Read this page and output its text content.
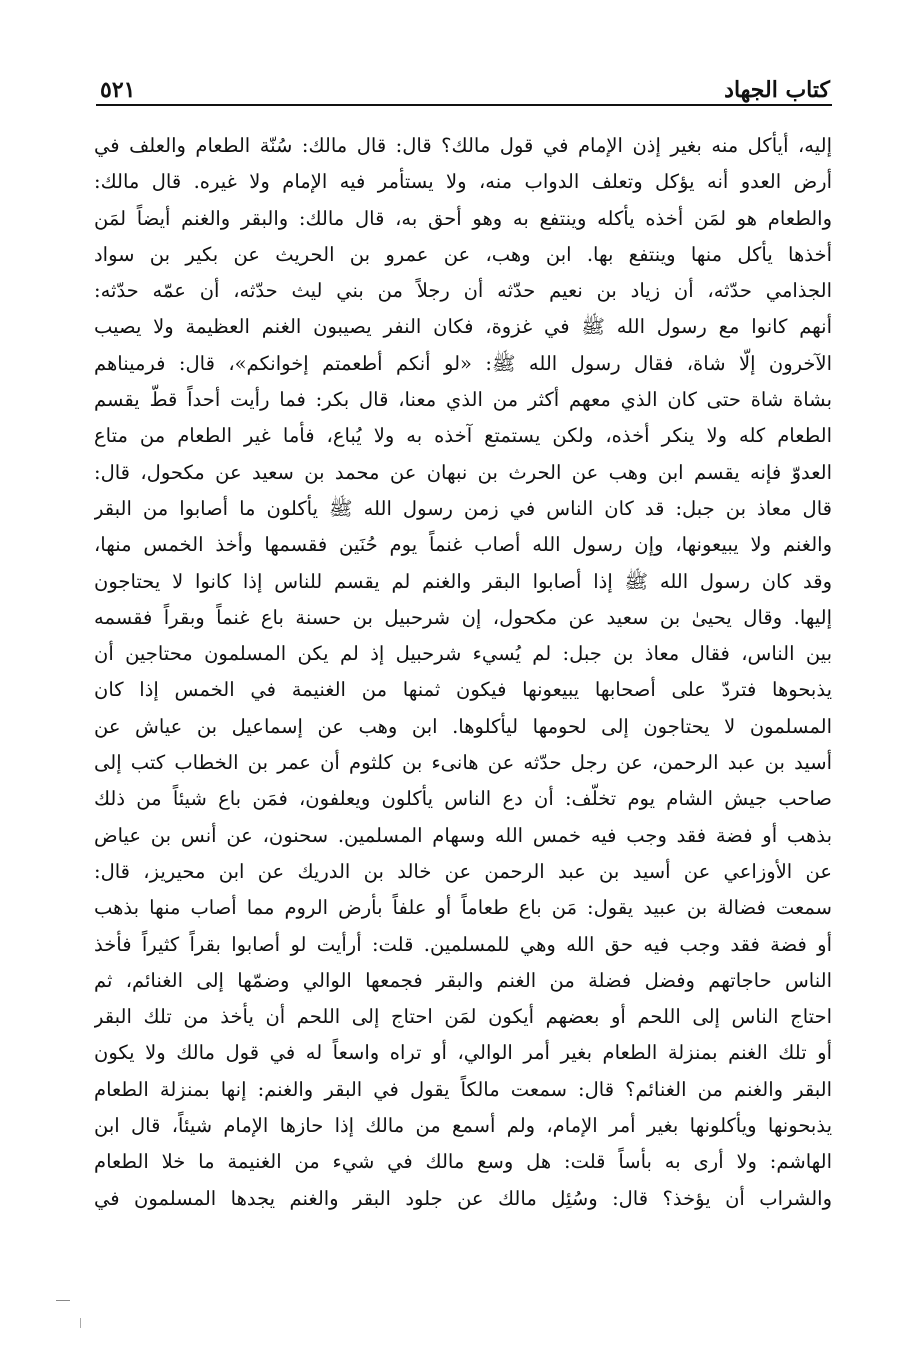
كتاب الجهاد
٥٢١
إليه، أيأكل منه بغير إذن الإمام في قول مالك؟ قال: قال مالك: سُنّة الطعام والعلف في
أرض العدو أنه يؤكل وتعلف الدواب منه، ولا يستأمر فيه الإمام ولا غيره. قال مالك:
والطعام هو لمَن أخذه يأكله وينتفع به وهو أحق به، قال مالك: والبقر والغنم أيضاً لمَن
أخذها يأكل منها وينتفع بها. ابن وهب، عن عمرو بن الحريث عن بكير بن سواد
الجذامي حدّثه، أن زياد بن نعيم حدّثه أن رجلاً من بني ليث حدّثه، أن عمّه حدّثه:
أنهم كانوا مع رسول الله ﷺ في غزوة، فكان النفر يصيبون الغنم العظيمة ولا يصيب
الآخرون إلّا شاة، فقال رسول الله ﷺ: «لو أنكم أطعمتم إخوانكم»، قال: فرميناهم
بشاة شاة حتى كان الذي معهم أكثر من الذي معنا، قال بكر: فما رأيت أحداً قطّ يقسم
الطعام كله ولا ينكر أخذه، ولكن يستمتع آخذه به ولا يُباع، فأما غير الطعام من متاع
العدوّ فإنه يقسم ابن وهب عن الحرث بن نبهان عن محمد بن سعيد عن مكحول، قال:
قال معاذ بن جبل: قد كان الناس في زمن رسول الله ﷺ يأكلون ما أصابوا من البقر
والغنم ولا يبيعونها، وإن رسول الله أصاب غنماً يوم حُنَين فقسمها وأخذ الخمس منها،
وقد كان رسول الله ﷺ إذا أصابوا البقر والغنم لم يقسم للناس إذا كانوا لا يحتاجون
إليها. وقال يحيىٰ بن سعيد عن مكحول، إن شرحبيل بن حسنة باع غنماً وبقراً فقسمه
بين الناس، فقال معاذ بن جبل: لم يُسيء شرحبيل إذ لم يكن المسلمون محتاجين أن
يذبحوها فتردّ على أصحابها يبيعونها فيكون ثمنها من الغنيمة في الخمس إذا كان
المسلمون لا يحتاجون إلى لحومها ليأكلوها. ابن وهب عن إسماعيل بن عياش عن
أسيد بن عبد الرحمن، عن رجل حدّثه عن هانىء بن كلثوم أن عمر بن الخطاب كتب إلى
صاحب جيش الشام يوم تخلّف: أن دع الناس يأكلون ويعلفون، فمَن باع شيئاً من ذلك
بذهب أو فضة فقد وجب فيه خمس الله وسهام المسلمين. سحنون، عن أنس بن عياض
عن الأوزاعي عن أسيد بن عبد الرحمن عن خالد بن الدريك عن ابن محيريز، قال:
سمعت فضالة بن عبيد يقول: مَن باع طعاماً أو علفاً بأرض الروم مما أصاب منها بذهب
أو فضة فقد وجب فيه حق الله وهي للمسلمين. قلت: أرأيت لو أصابوا بقراً كثيراً فأخذ
الناس حاجاتهم وفضل فضلة من الغنم والبقر فجمعها الوالي وضمّها إلى الغنائم، ثم
احتاج الناس إلى اللحم أو بعضهم أيكون لمَن احتاج إلى اللحم أن يأخذ من تلك البقر
أو تلك الغنم بمنزلة الطعام بغير أمر الوالي، أو تراه واسعاً له في قول مالك ولا يكون
البقر والغنم من الغنائم؟ قال: سمعت مالكاً يقول في البقر والغنم: إنها بمنزلة الطعام
يذبحونها ويأكلونها بغير أمر الإمام، ولم أسمع من مالك إذا حازها الإمام شيئاً، قال ابن
الهاشم: ولا أرى به بأساً قلت: هل وسع مالك في شيء من الغنيمة ما خلا الطعام
والشراب أن يؤخذ؟ قال: وسُئِل مالك عن جلود البقر والغنم يجدها المسلمون في
